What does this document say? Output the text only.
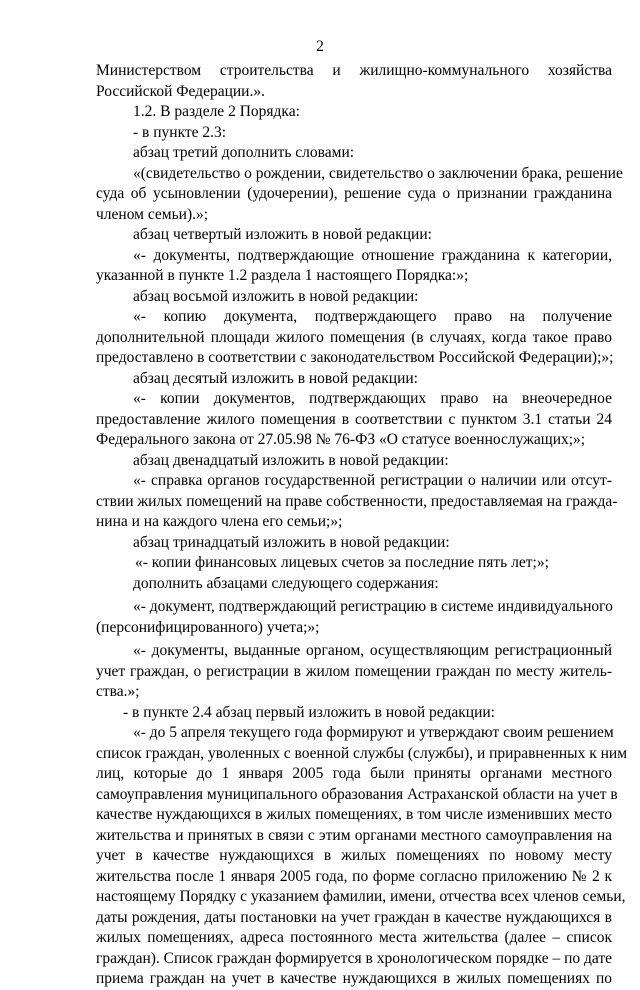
2
Министерством строительства и жилищно-коммунального хозяйства
Российской Федерации.».
1.2. В разделе 2 Порядка:
- в пункте 2.3:
абзац третий дополнить словами:
«(свидетельство о рождении, свидетельство о заключении брака, решение
суда об усыновлении (удочерении), решение суда о признании гражданина
членом семьи).»;
абзац четвертый изложить в новой редакции:
«- документы, подтверждающие отношение гражданина к категории,
указанной в пункте 1.2 раздела 1 настоящего Порядка:»;
абзац восьмой изложить в новой редакции:
«- копию документа, подтверждающего право на получение
дополнительной площади жилого помещения (в случаях, когда такое право
предоставлено в соответствии с законодательством Российской Федерации);»;
абзац десятый изложить в новой редакции:
«- копии документов, подтверждающих право на внеочередное
предоставление жилого помещения в соответствии с пунктом 3.1 статьи 24
Федерального закона от 27.05.98 № 76-ФЗ «О статусе военнослужащих;»;
абзац двенадцатый изложить в новой редакции:
«- справка органов государственной регистрации о наличии или отсут-
ствии жилых помещений на праве собственности, предоставляемая на гражда-
нина и на каждого члена его семьи;»;
абзац тринадцатый изложить в новой редакции:
«- копии финансовых лицевых счетов за последние пять лет;»;
дополнить абзацами следующего содержания:
«- документ, подтверждающий регистрацию в системе индивидуального
(персонифицированного) учета;»;
«- документы, выданные органом, осуществляющим регистрационный
учет граждан, о регистрации в жилом помещении граждан по месту житель-
ства.»;
- в пункте 2.4 абзац первый изложить в новой редакции:
«- до 5 апреля текущего года формируют и утверждают своим решением
список граждан, уволенных с военной службы (службы), и приравненных к ним
лиц, которые до 1 января 2005 года были приняты органами местного
самоуправления муниципального образования Астраханской области на учет в
качестве нуждающихся в жилых помещениях, в том числе изменивших место
жительства и принятых в связи с этим органами местного самоуправления на
учет в качестве нуждающихся в жилых помещениях по новому месту
жительства после 1 января 2005 года, по форме согласно приложению № 2 к
настоящему Порядку с указанием фамилии, имени, отчества всех членов семьи,
даты рождения, даты постановки на учет граждан в качестве нуждающихся в
жилых помещениях, адреса постоянного места жительства (далее – список
граждан). Список граждан формируется в хронологическом порядке – по дате
приема граждан на учет в качестве нуждающихся в жилых помещениях по
